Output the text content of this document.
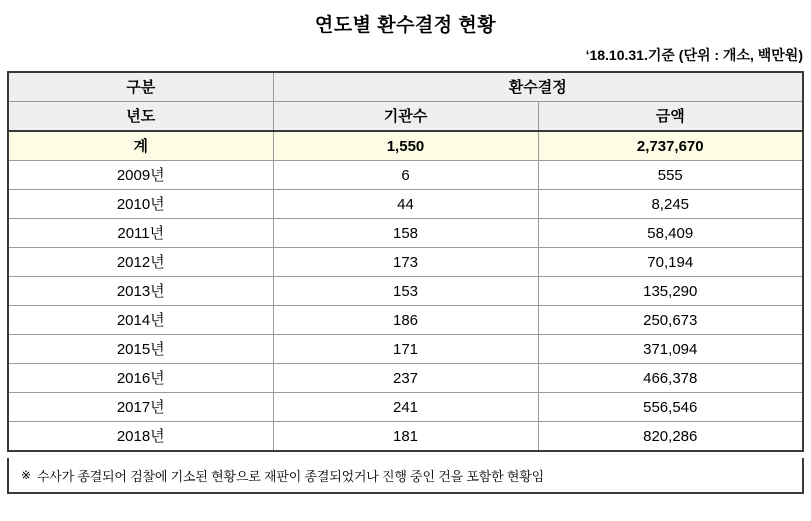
연도별 환수결정 현황
‘18.10.31.기준 (단위 : 개소, 백만원)
구분	환수결정	
년도	기관수	금액
계	1,550	2,737,670
2009년	6	555
2010년	44	8,245
2011년	158	58,409
2012년	173	70,194
2013년	153	135,290
2014년	186	250,673
2015년	171	371,094
2016년	237	466,378
2017년	241	556,546
2018년	181	820,286
※ 수사가 종결되어 검찰에 기소된 현황으로 재판이 종결되었거나 진행 중인 건을 포함한 현황임
